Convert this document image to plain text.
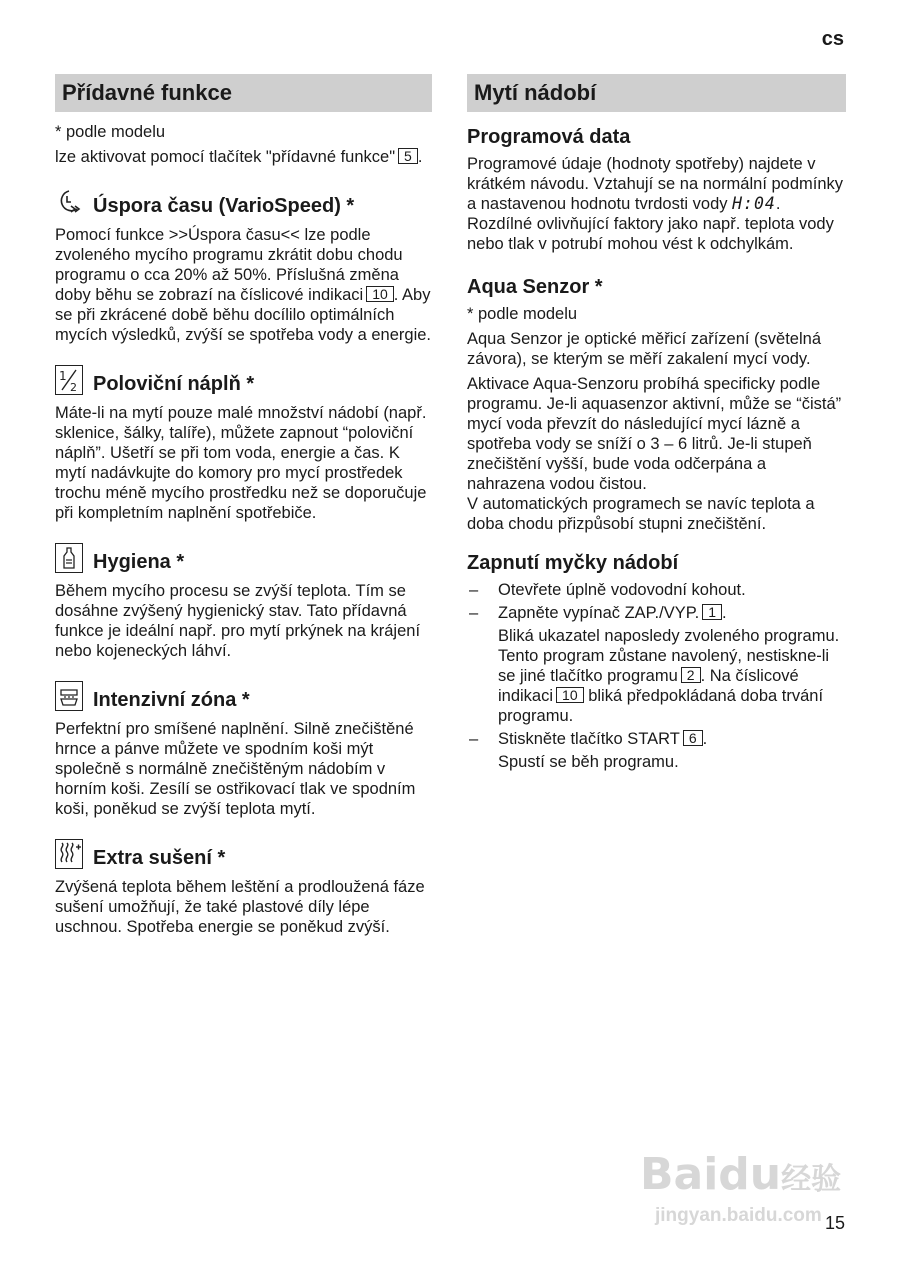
cs
Přídavné funkce

* podle modelu

lze aktivovat pomocí tlačítek "přídavné funkce" 5 .

Úspora času (VarioSpeed) *

Pomocí funkce >>Úspora času<< lze podle zvoleného mycího programu zkrátit dobu chodu programu o cca 20% až 50%. Příslušná změna doby běhu se zobrazí na číslicové indikaci 10 . Aby se při zkrácené době běhu docílilo optimálních mycích výsledků, zvýší se spotřeba vody a energie.

1
2 Poloviční náplň *

Máte-li na mytí pouze malé množství nádobí (např. sklenice, šálky, talíře), můžete zapnout “poloviční náplň”. Ušetří se při tom voda, energie a čas. K mytí nadávkujte do komory pro mycí prostředek trochu méně mycího prostředku než se doporučuje při kompletním naplnění spotřebiče.

Hygiena *

Během mycího procesu se zvýší teplota. Tím se dosáhne zvýšený hygienický stav. Tato přídavná funkce je ideální např. pro mytí prkýnek na krájení nebo kojeneckých láhví.

Intenzivní zóna *

Perfektní pro smíšené naplnění. Silně znečištěné hrnce a pánve můžete ve spodním koši mýt společně s normálně znečištěným nádobím v horním koši. Zesílí se ostřikovací tlak ve spodním koši, poněkud se zvýší teplota mytí.

Extra sušení *

Zvýšená teplota během leštění a prodloužená fáze sušení umožňují, že také plastové díly lépe uschnou. Spotřeba energie se poněkud zvýší.

Mytí nádobí
Programová data

Programové údaje (hodnoty spotřeby) najdete v krátkém návodu. Vztahují se na normální podmínky a nastavenou hodnotu tvrdosti vody H:04. Rozdílné ovlivňující faktory jako např. teplota vody nebo tlak v potrubí mohou vést k odchylkám.

Aqua Senzor *

* podle modelu

Aqua Senzor je optické měřicí zařízení (světelná závora), se kterým se měří zakalení mycí vody.

Aktivace Aqua-Senzoru probíhá specificky podle programu. Je-li aquasenzor aktivní, může se “čistá” mycí voda převzít do následující mycí lázně a spotřeba vody se sníží o 3 – 6 litrů. Je-li stupeň znečištění vyšší, bude voda odčerpána a nahrazena vodou čistou.

V automatických programech se navíc teplota a doba chodu přizpůsobí stupni znečištění.

Zapnutí myčky nádobí
– Otevřete úplně vodovodní kohout.
– Zapněte vypínač ZAP./VYP. 1 .
Bliká ukazatel naposledy zvoleného programu. Tento program zůstane navolený, nestiskne-li se jiné tlačítko programu 2 . Na číslicové indikaci 10 bliká předpokládaná doba trvání programu.
– Stiskněte tlačítko START 6 .
Spustí se běh programu.
Baidu经验
jingyan.baidu.com 15
